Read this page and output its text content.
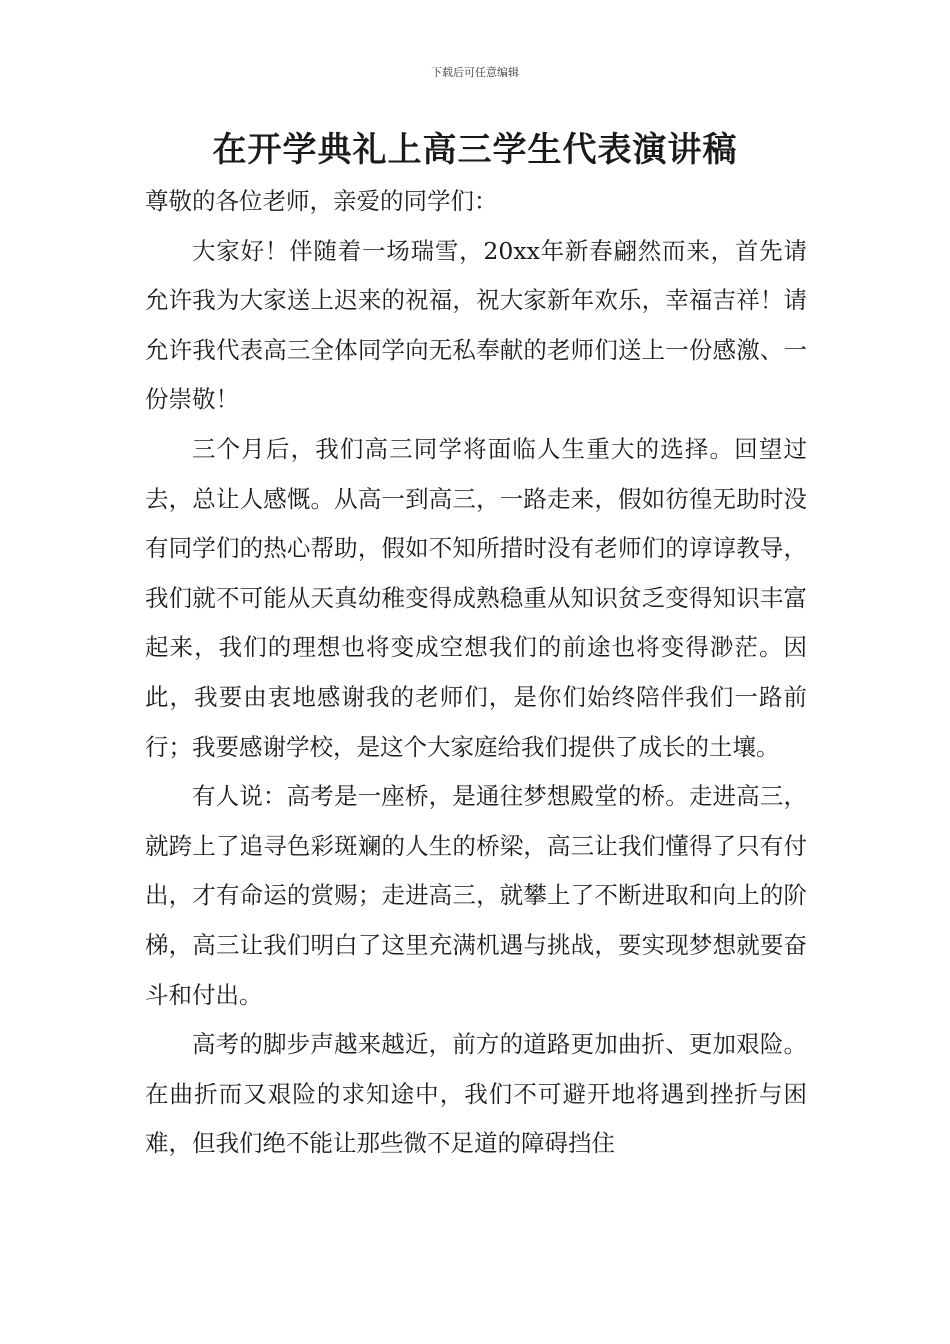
下载后可任意编辑
在开学典礼上高三学生代表演讲稿

尊敬的各位老师，亲爱的同学们：

大家好！伴随着一场瑞雪，20xx年新春翩然而来，首先请允许我为大家送上迟来的祝福，祝大家新年欢乐，幸福吉祥！请允许我代表高三全体同学向无私奉献的老师们送上一份感激、一份崇敬！

三个月后，我们高三同学将面临人生重大的选择。回望过去，总让人感慨。从高一到高三，一路走来，假如彷徨无助时没有同学们的热心帮助，假如不知所措时没有老师们的谆谆教导，我们就不可能从天真幼稚变得成熟稳重从知识贫乏变得知识丰富起来，我们的理想也将变成空想我们的前途也将变得渺茫。因此，我要由衷地感谢我的老师们，是你们始终陪伴我们一路前行；我要感谢学校，是这个大家庭给我们提供了成长的土壤。

有人说：高考是一座桥，是通往梦想殿堂的桥。走进高三，就跨上了追寻色彩斑斓的人生的桥梁，高三让我们懂得了只有付出，才有命运的赏赐；走进高三，就攀上了不断进取和向上的阶梯，高三让我们明白了这里充满机遇与挑战，要实现梦想就要奋斗和付出。

高考的脚步声越来越近，前方的道路更加曲折、更加艰险。在曲折而又艰险的求知途中，我们不可避开地将遇到挫折与困难，但我们绝不能让那些微不足道的障碍挡住
